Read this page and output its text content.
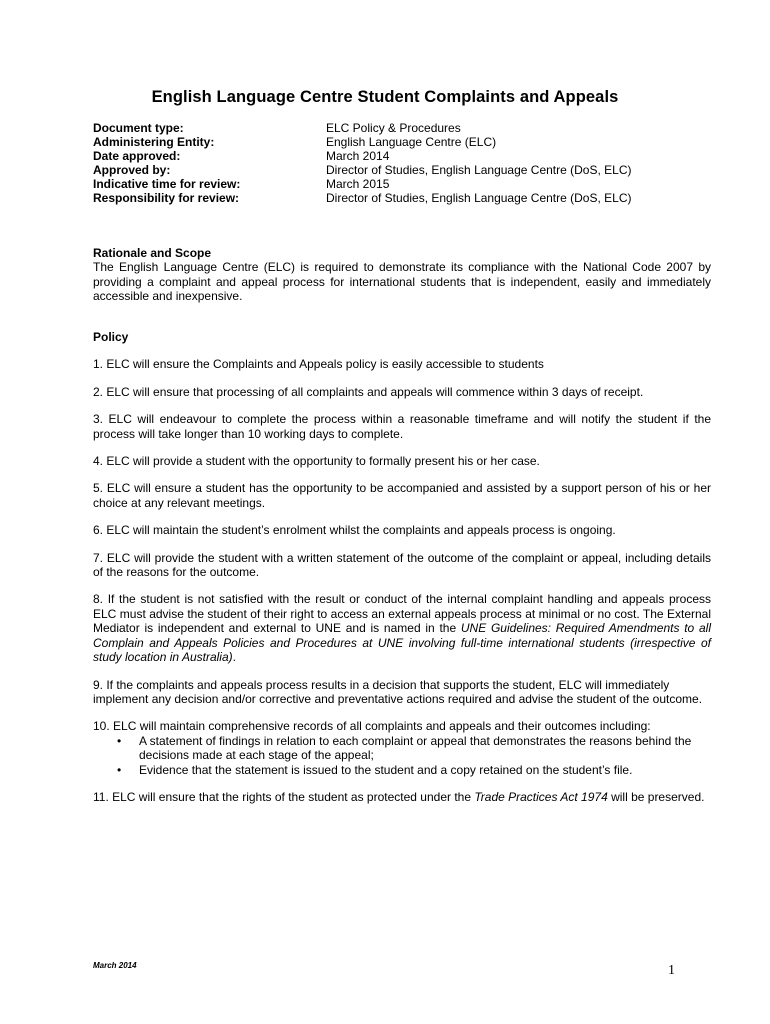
English Language Centre Student Complaints and Appeals
Document type:	ELC Policy & Procedures
Administering Entity:	English Language Centre (ELC)
Date approved:	March 2014
Approved by:	Director of Studies, English Language Centre (DoS, ELC)
Indicative time for review:	March 2015
Responsibility for review:	Director of Studies, English Language Centre (DoS, ELC)
Rationale and Scope
The English Language Centre (ELC) is required to demonstrate its compliance with the National Code 2007 by providing a complaint and appeal process for international students that is independent, easily and immediately accessible and inexpensive.
Policy
1. ELC will ensure the Complaints and Appeals policy is easily accessible to students
2. ELC will ensure that processing of all complaints and appeals will commence within 3 days of receipt.
3. ELC will endeavour to complete the process within a reasonable timeframe and will notify the student if the process will take longer than 10 working days to complete.
4. ELC will provide a student with the opportunity to formally present his or her case.
5. ELC will ensure a student has the opportunity to be accompanied and assisted by a support person of his or her choice at any relevant meetings.
6. ELC will maintain the student’s enrolment whilst the complaints and appeals process is ongoing.
7. ELC will provide the student with a written statement of the outcome of the complaint or appeal, including details of the reasons for the outcome.
8. If the student is not satisfied with the result or conduct of the internal complaint handling and appeals process ELC must advise the student of their right to access an external appeals process at minimal or no cost. The External Mediator is independent and external to UNE and is named in the UNE Guidelines: Required Amendments to all Complain and Appeals Policies and Procedures at UNE involving full-time international students (irrespective of study location in Australia).
9. If the complaints and appeals process results in a decision that supports the student, ELC will immediately implement any decision and/or corrective and preventative actions required and advise the student of the outcome.
10. ELC will maintain comprehensive records of all complaints and appeals and their outcomes including:
• A statement of findings in relation to each complaint or appeal that demonstrates the reasons behind the decisions made at each stage of the appeal;
• Evidence that the statement is issued to the student and a copy retained on the student’s file.
11. ELC will ensure that the rights of the student as protected under the Trade Practices Act 1974 will be preserved.
March 2014	1
